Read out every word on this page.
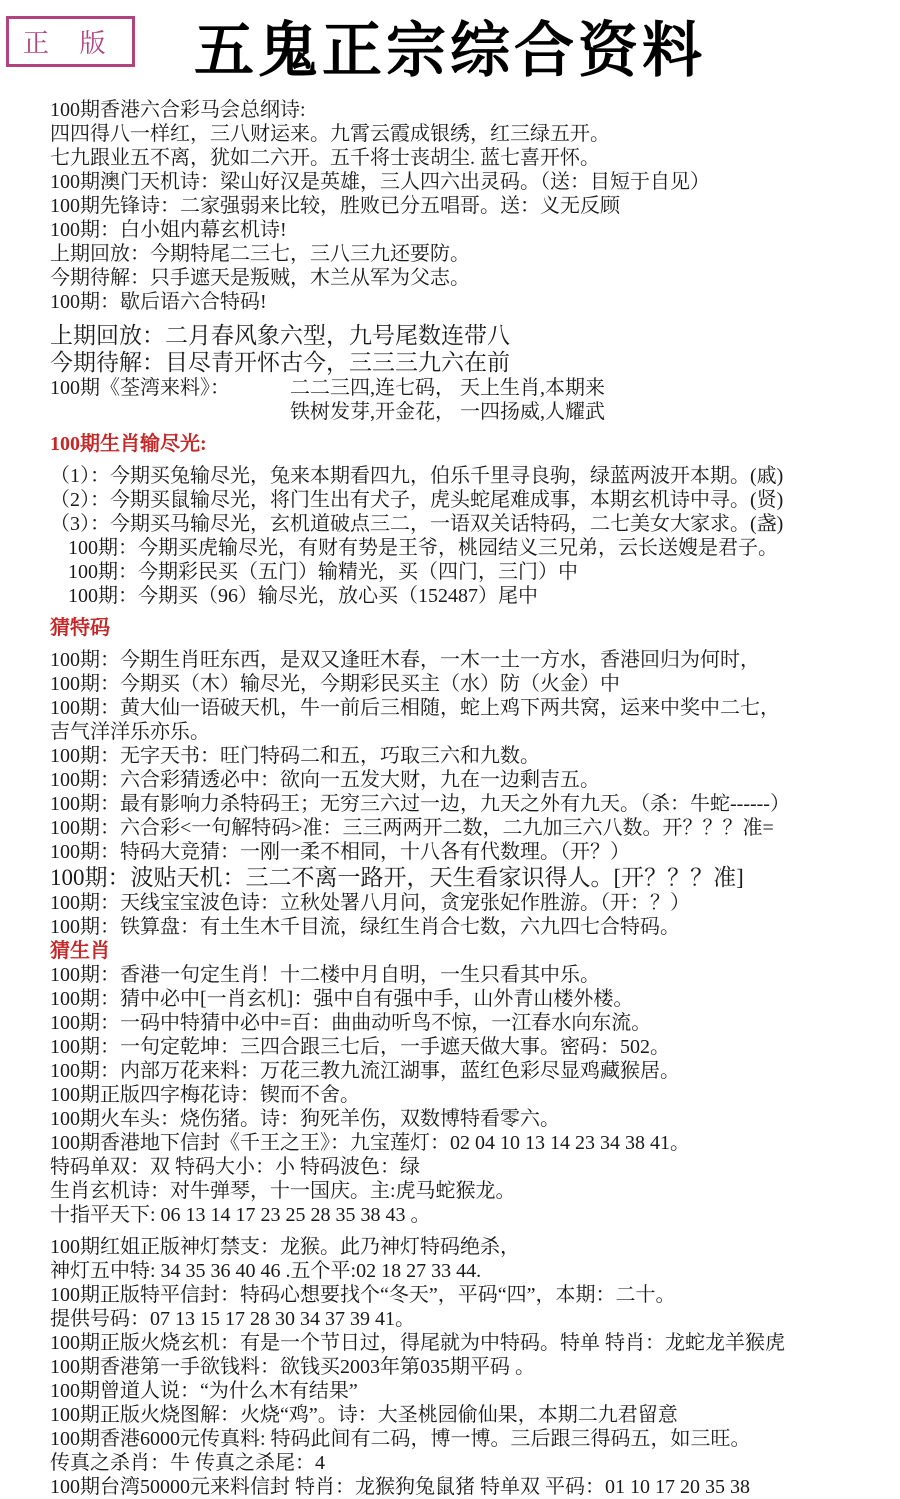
正 版	五鬼正宗综合资料
100期香港六合彩马会总纲诗:
四四得八一样红，三八财运来。九霄云霞成银绣，红三绿五开。
七九跟业五不离，犹如二六开。五千将士丧胡尘. 蓝七喜开怀。
100期澳门天机诗：梁山好汉是英雄，三人四六出灵码。（送：目短于自见）
100期先锋诗：二家强弱来比较，胜败已分五唱哥。送：义无反顾
100期：白小姐内幕玄机诗!
上期回放：今期特尾二三七，三八三九还要防。
今期待解：只手遮天是叛贼，木兰从军为父志。
100期：歇后语六合特码!
上期回放：二月春风象六型，九号尾数连带八
今期待解：目尽青开怀古今，三三三九六在前
100期《荃湾来料》：	二二三四,连七码， 天上生肖,本期来
铁树发芽,开金花， 一四扬威,人耀武
100期生肖输尽光:
（1）：今期买兔输尽光，兔来本期看四九，伯乐千里寻良驹，绿蓝两波开本期。(戚)
（2）：今期买鼠输尽光，将门生出有犬子，虎头蛇尾难成事，本期玄机诗中寻。(贤)
（3）：今期买马输尽光，玄机道破点三二，一语双关话特码，二七美女大家求。(盏)
100期：今期买虎输尽光，有财有势是王爷，桃园结义三兄弟，云长送嫂是君子。
100期：今期彩民买（五门）输精光，买（四门，三门）中
100期：今期买（96）输尽光，放心买（152487）尾中
猜特码
100期：今期生肖旺东西，是双又逢旺木春，一木一土一方水，香港回归为何时，
100期：今期买（木）输尽光，今期彩民买主（水）防（火金）中
100期：黄大仙一语破天机，牛一前后三相随，蛇上鸡下两共窝，运来中奖中二七，
吉气洋洋乐亦乐。
100期：无字天书：旺门特码二和五，巧取三六和九数。
100期：六合彩猜透必中：欲向一五发大财，九在一边剩吉五。
100期：最有影响力杀特码王；无穷三六过一边，九天之外有九天。（杀：牛蛇------）
100期：六合彩<一句解特码>准：三三两两开二数，二九加三六八数。开？？？准=
100期：特码大竞猜：一刚一柔不相同，十八各有代数理。（开？）
100期：波贴天机：三二不离一路开，天生看家识得人。[开？？？准]
100期：天线宝宝波色诗：立秋处署八月问，贪宠张妃作胜游。（开：？）
100期：铁算盘：有土生木千目流，绿红生肖合七数，六九四七合特码。
猜生肖
100期：香港一句定生肖！十二楼中月自明，一生只看其中乐。
100期：猜中必中[一肖玄机]：强中自有强中手，山外青山楼外楼。
100期：一码中特猜中必中=百：曲曲动听鸟不惊，一江春水向东流。
100期：一句定乾坤：三四合跟三七后，一手遮天做大事。密码：502。
100期：内部万花来料：万花三教九流江湖事，蓝红色彩尽显鸡藏猴居。
100期正版四字梅花诗：锲而不舍。
100期火车头：烧伤猪。诗：狗死羊伤，双数博特看零六。
100期香港地下信封《千王之王》：九宝莲灯：02 04 10 13 14 23 34 38 41。
特码单双：双 特码大小：小 特码波色：绿
生肖玄机诗：对牛弹琴，十一国庆。主:虎马蛇猴龙。
十指平天下: 06 13 14 17 23 25 28 35 38 43 。
100期红姐正版神灯禁支：龙猴。此乃神灯特码绝杀，
神灯五中特: 34 35 36 40 46 .五个平:02 18 27 33 44.
100期正版特平信封：特码心想要找个“冬天”，平码“四”，本期：二十。
提供号码：07 13 15 17 28 30 34 37 39 41。
100期正版火烧玄机：有是一个节日过，得尾就为中特码。特单 特肖：龙蛇龙羊猴虎
100期香港第一手欲钱料：欲钱买2003年第035期平码 。
100期曾道人说：“为什么木有结果”
100期正版火烧图解：火烧“鸡”。诗：大圣桃园偷仙果，本期二九君留意
100期香港6000元传真料: 特码此间有二码，博一博。三后跟三得码五，如三旺。
传真之杀肖：牛 传真之杀尾：4
100期台湾50000元来料信封 特肖：龙猴狗兔鼠猪 特单双 平码：01 10 17 20 35 38
